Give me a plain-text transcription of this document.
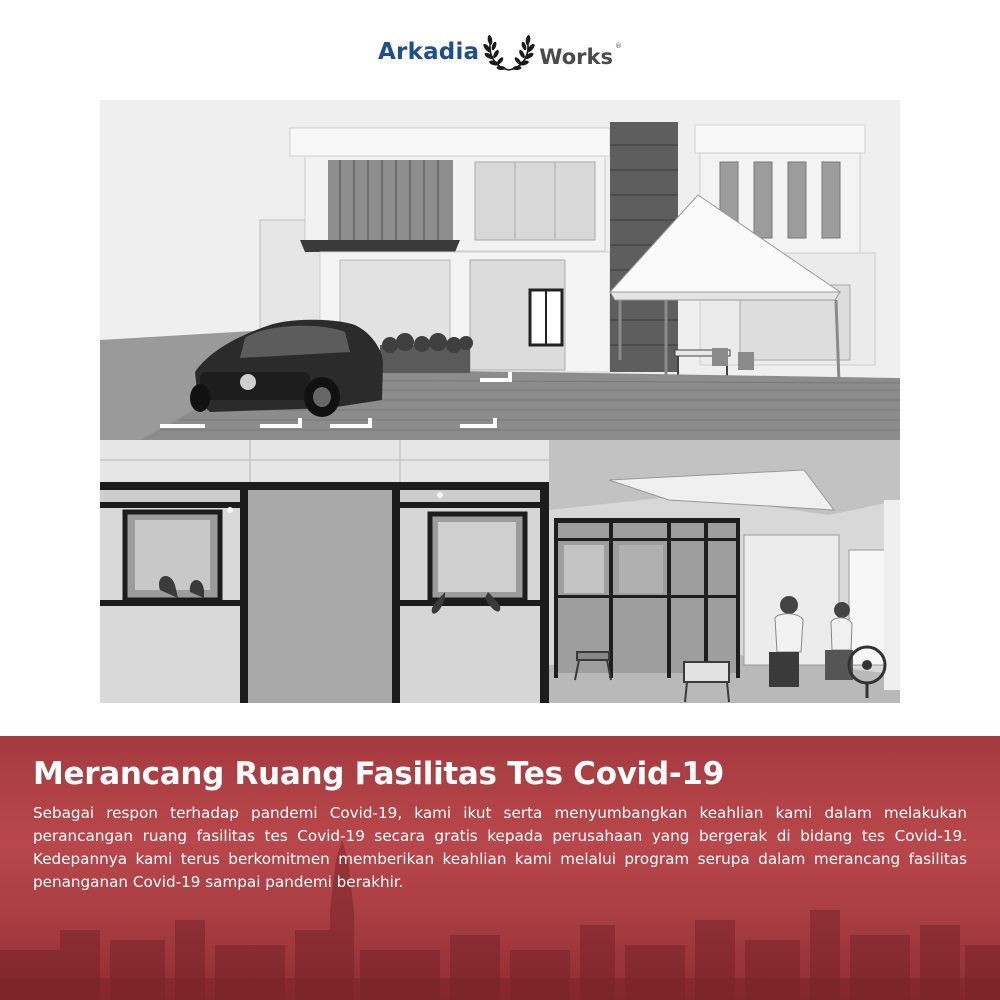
Arkadia	Works ®
Merancang Ruang Fasilitas Tes Covid-19
Sebagai respon terhadap pandemi Covid-19, kami ikut serta menyumbangkan keahlian kami dalam melakukan perancangan ruang fasilitas tes Covid-19 secara gratis kepada perusahaan yang bergerak di bidang tes Covid-19. Kedepannya kami terus berkomitmen memberikan keahlian kami melalui program serupa dalam merancang fasilitas penanganan Covid-19 sampai pandemi berakhir.
